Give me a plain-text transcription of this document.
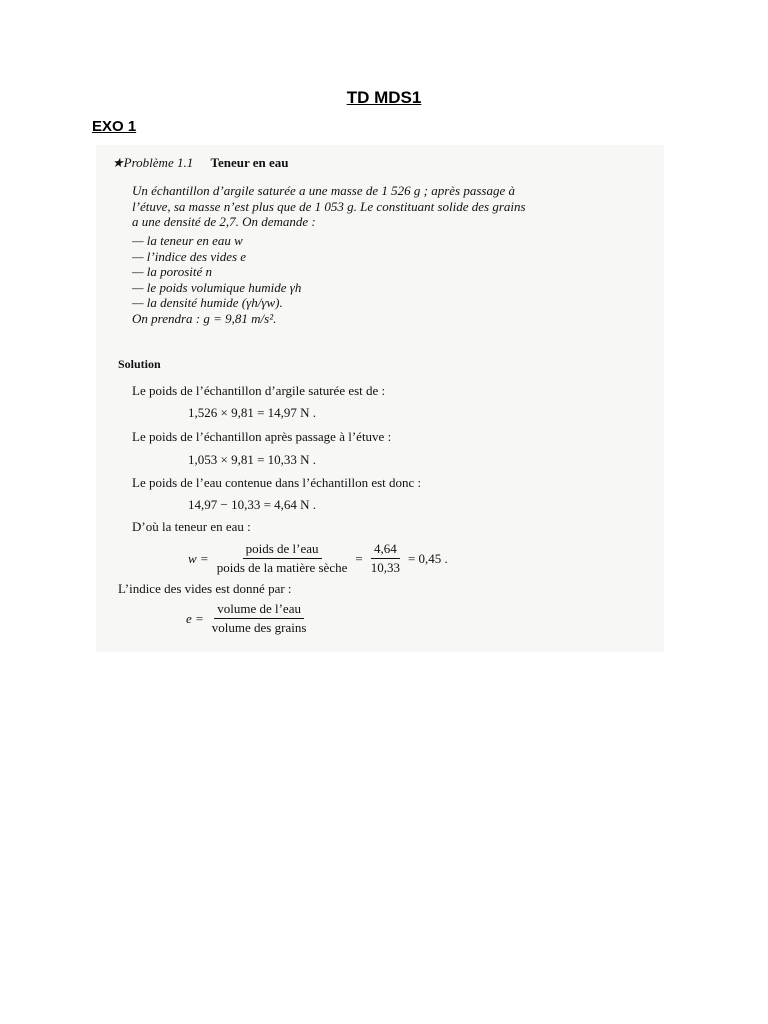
TD MDS1
EXO 1
★Problème 1.1 Teneur en eau
Un échantillon d’argile saturée a une masse de 1 526 g ; après passage à
l’étuve, sa masse n’est plus que de 1 053 g. Le constituant solide des grains
a une densité de 2,7. On demande :
— la teneur en eau w
— l’indice des vides e
— la porosité n
— le poids volumique humide γh
— la densité humide (γh/γw).
On prendra : g = 9,81 m/s².
Solution
Le poids de l’échantillon d’argile saturée est de :
1,526 × 9,81 = 14,97 N .
Le poids de l’échantillon après passage à l’étuve :
1,053 × 9,81 = 10,33 N .
Le poids de l’eau contenue dans l’échantillon est donc :
14,97 − 10,33 = 4,64 N .
D’où la teneur en eau :
$w = \frac{\text{poids de l’eau}}{\text{poids de la matière sèche}} = \frac{4,64}{10,33} = 0,45$ .
L’indice des vides est donné par :
$e = \frac{\text{volume de l’eau}}{\text{volume des grains}}$
